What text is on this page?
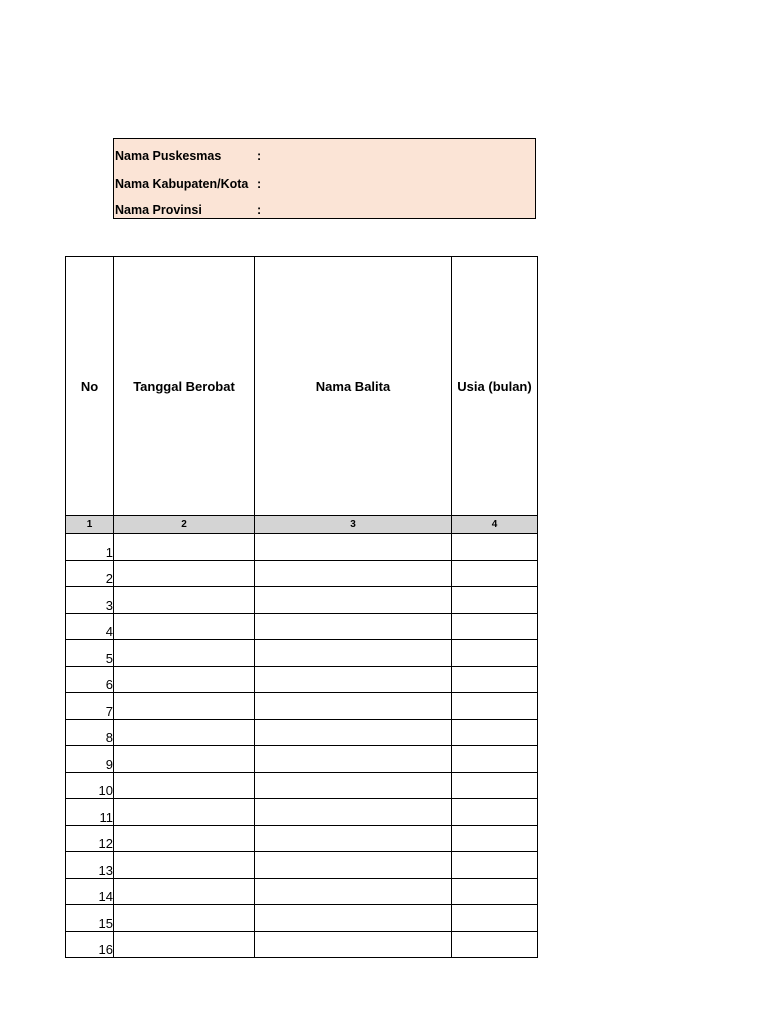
Nama Puskesmas	:
Nama Kabupaten/Kota :
Nama Provinsi	:
No	Tanggal Berobat	Nama Balita	Usia (bulan)
1	2	3	4
1			
2			
3			
4			
5			
6			
7			
8			
9			
10			
11			
12			
13			
14			
15			
16			
